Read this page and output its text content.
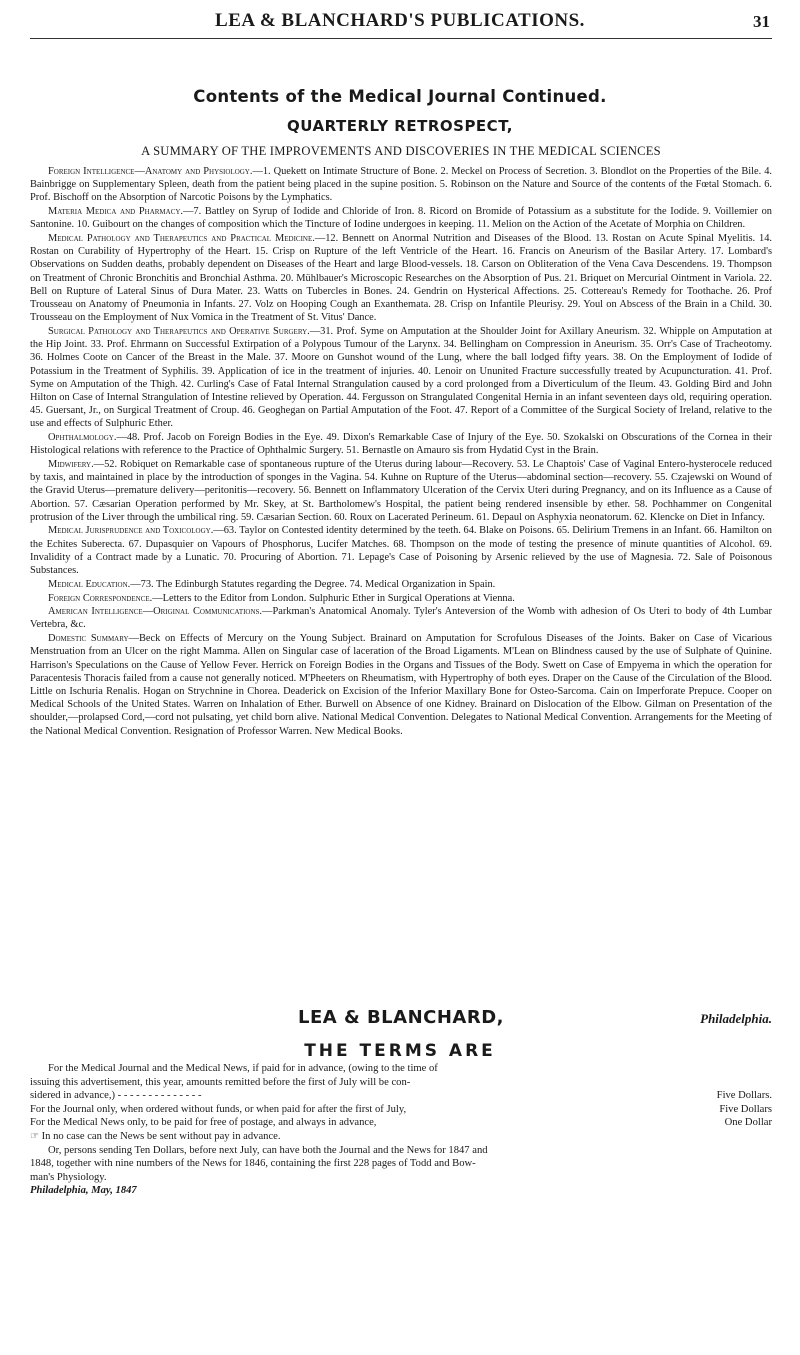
LEA & BLANCHARD'S PUBLICATIONS.	31
Contents of the Medical Journal Continued.
QUARTERLY RETROSPECT,
A SUMMARY OF THE IMPROVEMENTS AND DISCOVERIES IN THE MEDICAL SCIENCES

Foreign Intelligence—Anatomy and Physiology.—1. Quekett on Intimate Structure of Bone. 2. Meckel on Process of Secretion. 3. Blondlot on the Properties of the Bile. 4. Bainbrigge on Supplementary Spleen, death from the patient being placed in the supine position. 5. Robinson on the Nature and Source of the contents of the Fœtal Stomach. 6. Prof. Bischoff on the Absorption of Narcotic Poisons by the Lymphatics.

Materia Medica and Pharmacy.—7. Battley on Syrup of Iodide and Chloride of Iron. 8. Ricord on Bromide of Potassium as a substitute for the Iodide. 9. Voillemier on Santonine. 10. Guibourt on the changes of composition which the Tincture of Iodine undergoes in keeping. 11. Melion on the Action of the Acetate of Morphia on Children.

Medical Pathology and Therapeutics and Practical Medicine.—12. Bennett on Anormal Nutrition and Diseases of the Blood. 13. Rostan on Acute Spinal Myelitis. 14. Rostan on Curability of Hypertrophy of the Heart. 15. Crisp on Rupture of the left Ventricle of the Heart. 16. Francis on Aneurism of the Basilar Artery. 17. Lombard's Observations on Sudden deaths, probably dependent on Diseases of the Heart and large Blood-vessels. 18. Carson on Obliteration of the Vena Cava Descendens. 19. Thompson on Treatment of Chronic Bronchitis and Bronchial Asthma. 20. Mühlbauer's Microscopic Researches on the Absorption of Pus. 21. Briquet on Mercurial Ointment in Variola. 22. Bell on Rupture of Lateral Sinus of Dura Mater. 23. Watts on Tubercles in Bones. 24. Gendrin on Hysterical Affections. 25. Cottereau's Remedy for Toothache. 26. Prof Trousseau on Anatomy of Pneumonia in Infants. 27. Volz on Hooping Cough an Exanthemata. 28. Crisp on Infantile Pleurisy. 29. Youl on Abscess of the Brain in a Child. 30. Trousseau on the Employment of Nux Vomica in the Treatment of St. Vitus' Dance.

Surgical Pathology and Therapeutics and Operative Surgery.—31. Prof. Syme on Amputation at the Shoulder Joint for Axillary Aneurism. 32. Whipple on Amputation at the Hip Joint. 33. Prof. Ehrmann on Successful Extirpation of a Polypous Tumour of the Larynx. 34. Bellingham on Compression in Aneurism. 35. Orr's Case of Tracheotomy. 36. Holmes Coote on Cancer of the Breast in the Male. 37. Moore on Gunshot wound of the Lung, where the ball lodged fifty years. 38. On the Employment of Iodide of Potassium in the Treatment of Syphilis. 39. Application of ice in the treatment of injuries. 40. Lenoir on Ununited Fracture successfully treated by Acupuncturation. 41. Prof. Syme on Amputation of the Thigh. 42. Curling's Case of Fatal Internal Strangulation caused by a cord prolonged from a Diverticulum of the Ileum. 43. Golding Bird and John Hilton on Case of Internal Strangulation of Intestine relieved by Operation. 44. Fergusson on Strangulated Congenital Hernia in an infant seventeen days old, requiring operation. 45. Guersant, Jr., on Surgical Treatment of Croup. 46. Geoghegan on Partial Amputation of the Foot. 47. Report of a Committee of the Surgical Society of Ireland, relative to the use and effects of Sulphuric Ether.

Ophthalmology.—48. Prof. Jacob on Foreign Bodies in the Eye. 49. Dixon's Remarkable Case of Injury of the Eye. 50. Szokalski on Obscurations of the Cornea in their Histological relations with reference to the Practice of Ophthalmic Surgery. 51. Bernastle on Amauro sis from Hydatid Cyst in the Brain.

Midwifery.—52. Robiquet on Remarkable case of spontaneous rupture of the Uterus during labour—Recovery. 53. Le Chaptois' Case of Vaginal Entero-hysterocele reduced by taxis, and maintained in place by the introduction of sponges in the Vagina. 54. Kuhne on Rupture of the Uterus—abdominal section—recovery. 55. Czajewski on Wound of the Gravid Uterus—premature delivery—peritonitis—recovery. 56. Bennett on Inflammatory Ulceration of the Cervix Uteri during Pregnancy, and on its Influence as a Cause of Abortion. 57. Cæsarian Operation performed by Mr. Skey, at St. Bartholomew's Hospital, the patient being rendered insensible by ether. 58. Pochhammer on Congenital protrusion of the Liver through the umbilical ring. 59. Cæsarian Section. 60. Roux on Lacerated Perineum. 61. Depaul on Asphyxia neonatorum. 62. Klencke on Diet in Infancy.

Medical Jurisprudence and Toxicology.—63. Taylor on Contested identity determined by the teeth. 64. Blake on Poisons. 65. Delirium Tremens in an Infant. 66. Hamilton on the Echites Suberecta. 67. Dupasquier on Vapours of Phosphorus, Lucifer Matches. 68. Thompson on the mode of testing the presence of minute quantities of Alcohol. 69. Invalidity of a Contract made by a Lunatic. 70. Procuring of Abortion. 71. Lepage's Case of Poisoning by Arsenic relieved by the use of Magnesia. 72. Sale of Poisonous Substances.

Medical Education.—73. The Edinburgh Statutes regarding the Degree. 74. Medical Organization in Spain.

Foreign Correspondence.—Letters to the Editor from London. Sulphuric Ether in Surgical Operations at Vienna.

American Intelligence—Original Communications.—Parkman's Anatomical Anomaly. Tyler's Anteversion of the Womb with adhesion of Os Uteri to body of 4th Lumbar Vertebra, &c.

Domestic Summary—Beck on Effects of Mercury on the Young Subject. Brainard on Amputation for Scrofulous Diseases of the Joints. Baker on Case of Vicarious Menstruation from an Ulcer on the right Mamma. Allen on Singular case of laceration of the Broad Ligaments. M'Lean on Blindness caused by the use of Sulphate of Quinine. Harrison's Speculations on the Cause of Yellow Fever. Herrick on Foreign Bodies in the Organs and Tissues of the Body. Swett on Case of Empyema in which the operation for Paracentesis Thoracis failed from a cause not generally noticed. M'Pheeters on Rheumatism, with Hypertrophy of both eyes. Draper on the Cause of the Circulation of the Blood. Little on Ischuria Renalis. Hogan on Strychnine in Chorea. Deaderick on Excision of the Inferior Maxillary Bone for Osteo-Sarcoma. Cain on Imperforate Prepuce. Cooper on Medical Schools of the United States. Warren on Inhalation of Ether. Burwell on Absence of one Kidney. Brainard on Dislocation of the Elbow. Gilman on Presentation of the shoulder,—prolapsed Cord,—cord not pulsating, yet child born alive. National Medical Convention. Delegates to National Medical Convention. Arrangements for the Meeting of the National Medical Convention. Resignation of Professor Warren. New Medical Books.

LEA & BLANCHARD,	Philadelphia.
THE TERMS ARE
For the Medical Journal and the Medical News, if paid for in advance, (owing to the time of
issuing this advertisement, this year, amounts remitted before the first of July will be con-
sidered in advance,) - - - - - - - - - - - - - -	Five Dollars.
For the Journal only, when ordered without funds, or when paid for after the first of July,	Five Dollars
For the Medical News only, to be paid for free of postage, and always in advance,	One Dollar
☞ In no case can the News be sent without pay in advance.
Or, persons sending Ten Dollars, before next July, can have both the Journal and the News for 1847 and
1848, together with nine numbers of the News for 1846, containing the first 228 pages of Todd and Bow-
man's Physiology.
Philadelphia, May, 1847
